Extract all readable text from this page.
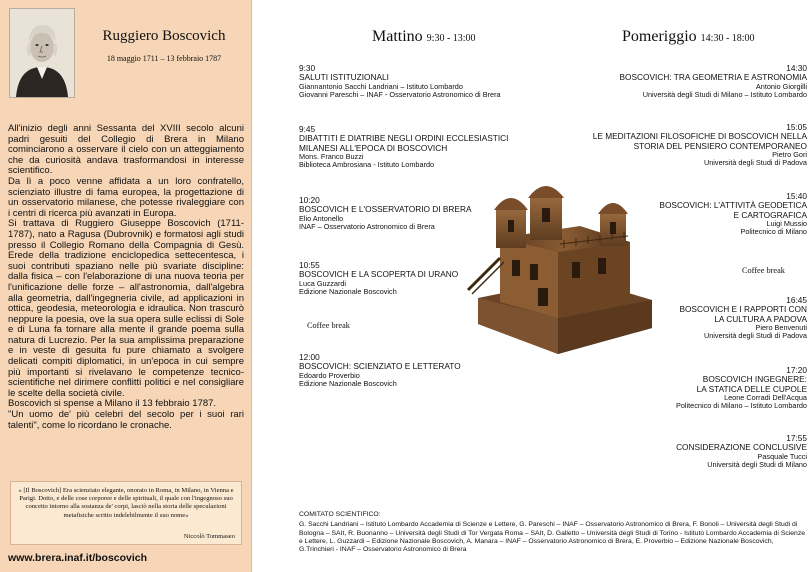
Ruggiero Boscovich
18 maggio 1711 – 13 febbraio 1787

All'inizio degli anni Sessanta del XVIII secolo alcuni padri gesuiti del Collegio di Brera in Milano cominciarono a osservare il cielo con un atteggiamento che da curiosità andava trasformandosi in interesse scientifico.

Da lì a poco venne affidata a un loro confratello, scienziato illustre di fama europea, la progettazione di un osservatorio milanese, che potesse rivaleggiare con i centri di ricerca più avanzati in Europa.

Si trattava di Ruggiero Giuseppe Boscovich (1711-1787), nato a Ragusa (Dubrovnik) e formatosi agli studi presso il Collegio Romano della Compagnia di Gesù. Erede della tradizione enciclopedica settecentesca, i suoi contributi spaziano nelle più svariate discipline: dalla fisica – con l'elaborazione di una nuova teoria per l'unificazione delle forze – all'astronomia, dall'algebra alla geometria, dall'ingegneria civile, ad applicazioni in ottica, geodesia, meteorologia e idraulica. Non trascurò neppure la poesia, ove la sua opera sulle eclissi di Sole e di Luna fa tornare alla mente il grande poema sulla natura di Lucrezio. Per la sua amplissima preparazione e in veste di gesuita fu pure chiamato a svolgere delicati compiti diplomatici, in un'epoca in cui sempre più importanti si rivelavano le competenze tecnico-scientifiche nel dirimere conflitti politici e nel consigliare le scelte della società civile.

Boscovich si spense a Milano il 13 febbraio 1787.

"Un uomo de' più celebri del secolo per i suoi rari talenti", come lo ricordano le cronache.

« [Il Boscovich] Era scienziato elegante, onorato in Roma, in Milano, in Vienna e Parigi. Dotto, e delle cose corporee e delle spirituali, il quale con l'ingegnoso suo concetto intorno alla sostanza de' corpi, lasciò nella storia delle speculazioni metafisiche scritto indelebilmente il suo nome»
Niccolò Tommaseo
www.brera.inaf.it/boscovich
Mattino 9:30 - 13:00	Pomeriggio 14:30 - 18:00
9:30
SALUTI ISTITUZIONALI
Giannantonio Sacchi Landriani – Istituto Lombardo
Giovanni Pareschi – INAF - Osservatorio Astronomico di Brera
9:45
DIBATTITI E DIATRIBE NEGLI ORDINI ECCLESIASTICI
MILANESI ALL'EPOCA DI BOSCOVICH
Mons. Franco Buzzi
Biblioteca Ambrosiana - Istituto Lombardo
10:20
BOSCOVICH E L'OSSERVATORIO DI BRERA
Elio Antonello
INAF – Osservatorio Astronomico di Brera
10:55
BOSCOVICH E LA SCOPERTA DI URANO
Luca Guzzardi
Edizione Nazionale Boscovich
Coffee break
12:00
BOSCOVICH: SCIENZIATO E LETTERATO
Edoardo Proverbio
Edizione Nazionale Boscovich
14:30
BOSCOVICH: TRA GEOMETRIA E ASTRONOMIA
Antonio Giorgilli
Università degli Studi di Milano – Istituto Lombardo
15:05
LE MEDITAZIONI FILOSOFICHE DI BOSCOVICH NELLA
STORIA DEL PENSIERO CONTEMPORANEO
Pietro Gori
Università degli Studi di Padova
15:40
BOSCOVICH: L'ATTIVITÀ GEODETICA
E CARTOGRAFICA
Luigi Mussio
Politecnico di Milano
Coffee break
16:45
BOSCOVICH E I RAPPORTI CON
LA CULTURA A PADOVA
Piero Benvenuti
Università degli Studi di Padova
17:20
BOSCOVICH INGEGNERE:
LA STATICA DELLE CUPOLE
Leone Corradi Dell'Acqua
Politecnico di Milano – Istituto Lombardo
17:55
CONSIDERAZIONE CONCLUSIVE
Pasquale Tucci
Università degli Studi di Milano
COMITATO SCIENTIFICO:
G. Sacchi Landriani – Istituto Lombardo Accademia di Scienze e Lettere, G. Pareschi – INAF – Osservatorio Astronomico di Brera, F. Bonoli – Università degli Studi di Bologna – SAIt, R. Buonanno – Università degli Studi di Tor Vergata Roma – SAIt, D. Galletto – Università degli Studi di Torino - Istituto Lombardo Accademia di Scienze e Lettere, L. Guzzardi – Edizione Nazionale Boscovich, A. Manara – INAF – Osservatorio Astronomico di Brera, E. Proverbio – Edizione Nazionale Boscovich, G.Trinchieri - INAF – Osservatorio Astronomico di Brera
